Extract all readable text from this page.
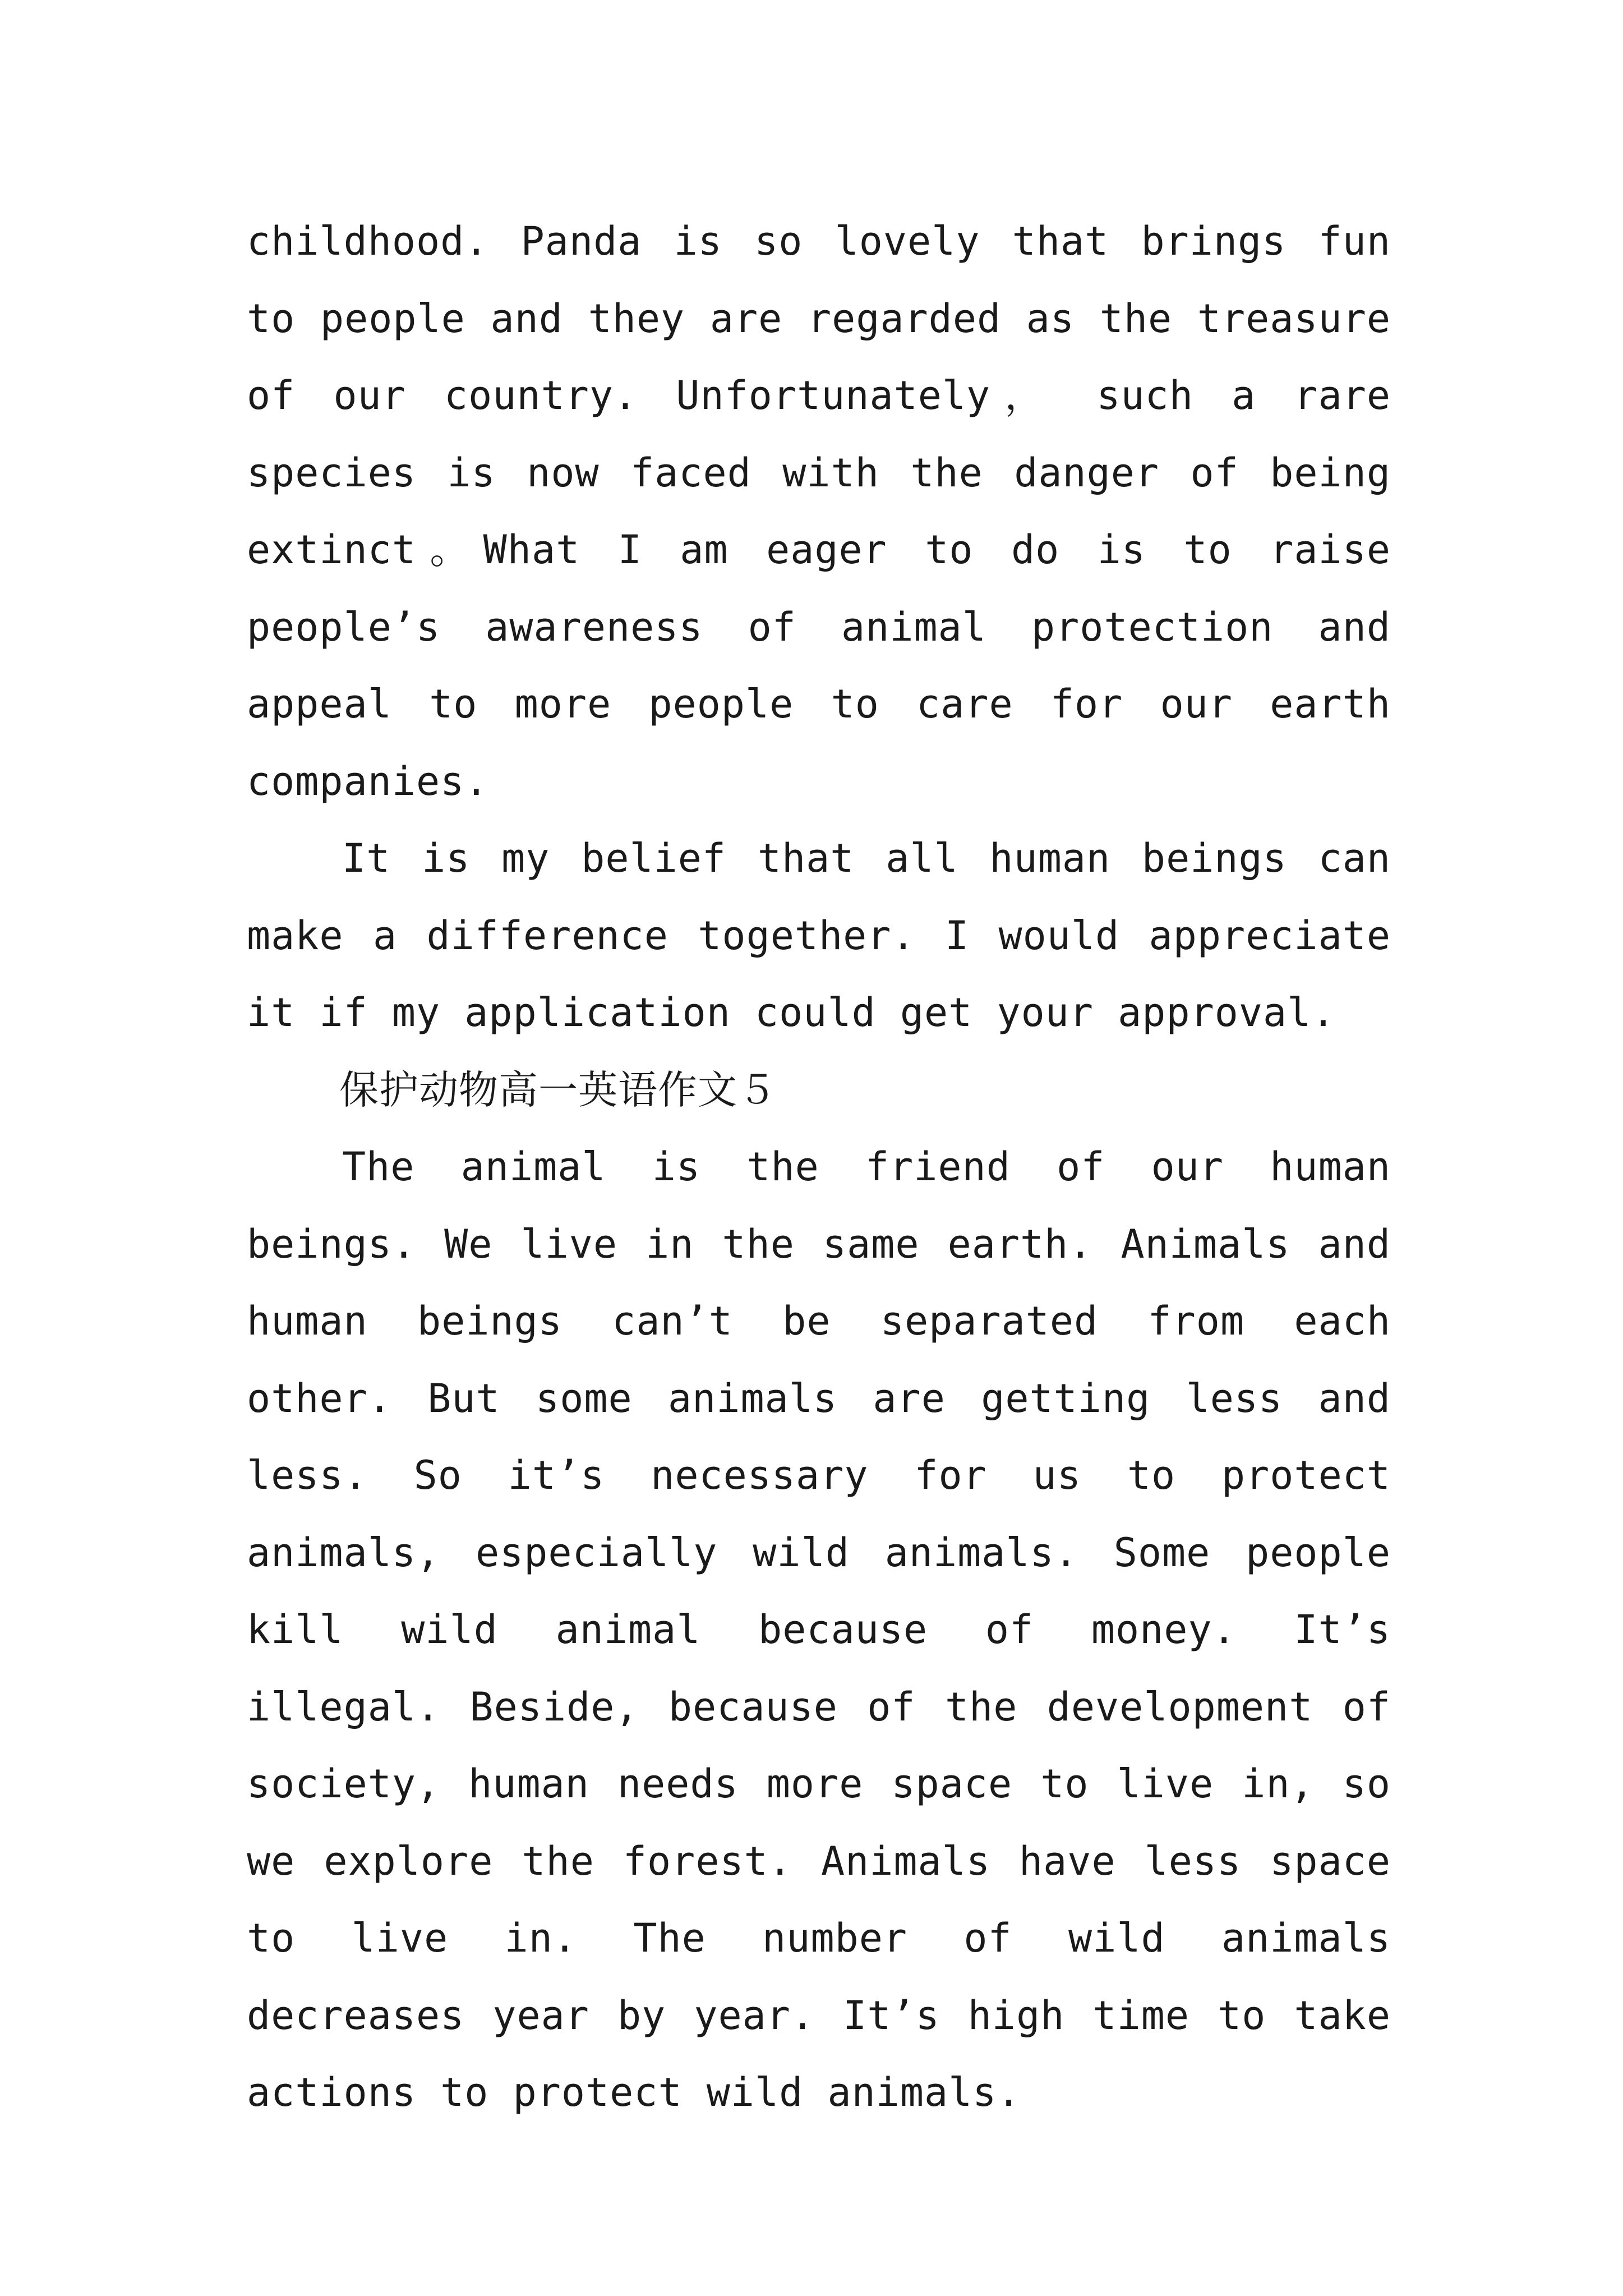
childhood. Panda is so lovely that brings fun to people and they are regarded as the treasure of our country. Unfortunately， such a rare species is now faced with the danger of being extinct。What I am eager to do is to raise people’s awareness of animal protection and appeal to more people to care for our earth companies.

It is my belief that all human beings can make a difference together. I would appreciate it if my application could get your approval.

保护动物高一英语作文５

The animal is the friend of our human beings. We live in the same earth. Animals and human beings can’t be separated from each other. But some animals are getting less and less. So it’s necessary for us to protect animals, especially wild animals. Some people kill wild animal because of money. It’s illegal. Beside, because of the development of society, human needs more space to live in, so we explore the forest. Animals have less space to live in. The number of wild animals decreases year by year. It’s high time to take actions to protect wild animals.
